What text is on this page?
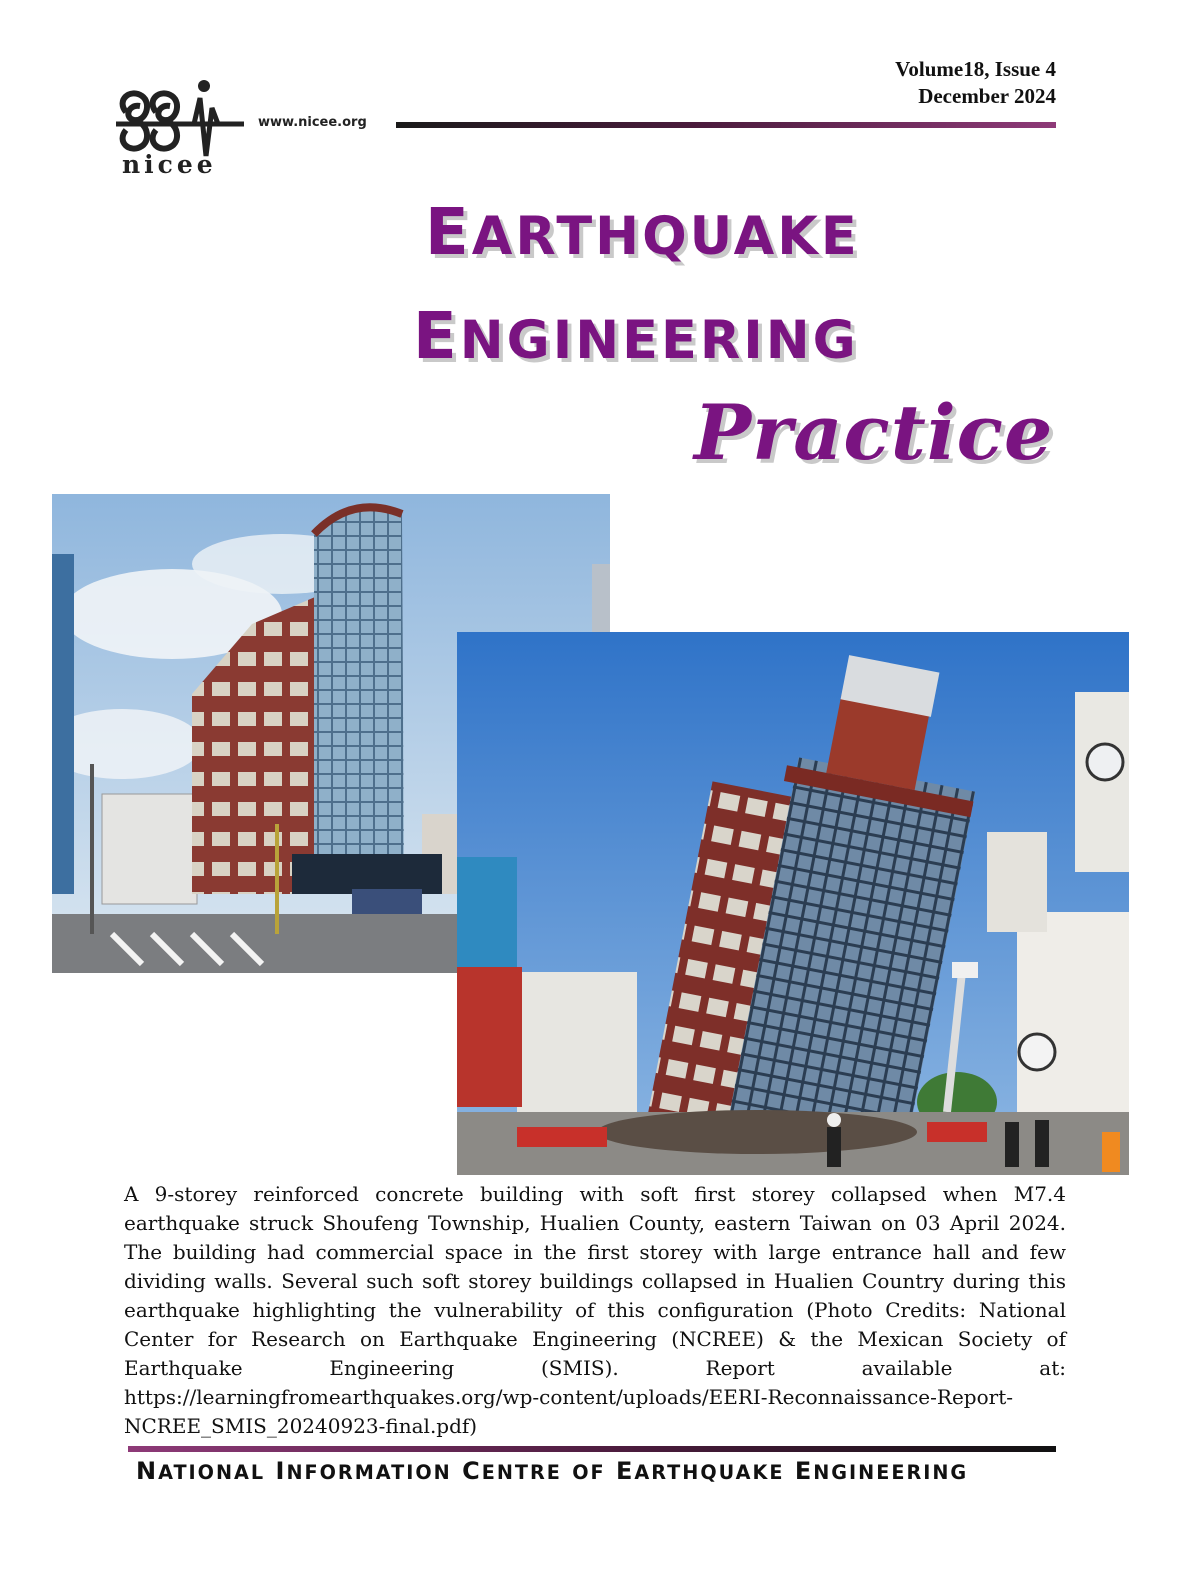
Volume18, Issue 4
December 2024
nicee
www.nicee.org
EARTHQUAKE
ENGINEERING
Practice
A 9-storey reinforced concrete building with soft first storey collapsed when M7.4 earthquake struck Shoufeng Township, Hualien County, eastern Taiwan on 03 April 2024. The building had commercial space in the first storey with large entrance hall and few dividing walls. Several such soft storey buildings collapsed in Hualien Country during this earthquake highlighting the vulnerability of this configuration (Photo Credits: National Center for Research on Earthquake Engineering (NCREE) & the Mexican Society of Earthquake Engineering (SMIS). Report available at: https://learningfromearthquakes.org/wp-content/uploads/EERI-Reconnaissance-Report-NCREE_SMIS_20240923-final.pdf)
NATIONAL INFORMATION CENTRE OF EARTHQUAKE ENGINEERING
